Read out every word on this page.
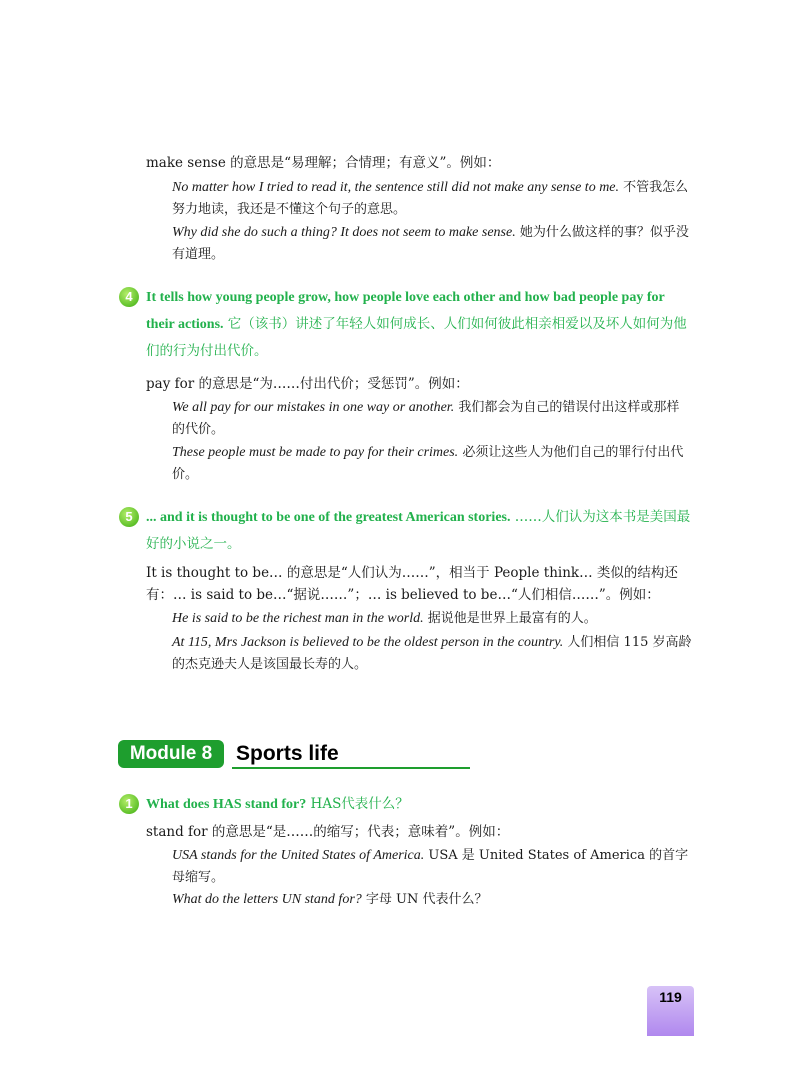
make sense 的意思是“易理解；合情理；有意义”。例如：
No matter how I tried to read it, the sentence still did not make any sense to me. 不管我怎么努力地读，我还是不懂这个句子的意思。
Why did she do such a thing? It does not seem to make sense. 她为什么做这样的事？似乎没有道理。
4 It tells how young people grow, how people love each other and how bad people pay for their actions. 它（该书）讲述了年轻人如何成长、人们如何彼此相亲相爱以及坏人如何为他们的行为付出代价。
pay for 的意思是“为……付出代价；受惩罚”。例如：
We all pay for our mistakes in one way or another. 我们都会为自己的错误付出这样或那样的代价。
These people must be made to pay for their crimes. 必须让这些人为他们自己的罪行付出代价。
5 ... and it is thought to be one of the greatest American stories. ……人们认为这本书是美国最好的小说之一。
It is thought to be… 的意思是“人们认为……”，相当于 People think… 类似的结构还有：… is said to be…“据说……”；… is believed to be…“人们相信……”。例如：
He is said to be the richest man in the world. 据说他是世界上最富有的人。
At 115, Mrs Jackson is believed to be the oldest person in the country. 人们相信 115 岁高龄的杰克逊夫人是该国最长寿的人。
Module 8	Sports life
1 What does HAS stand for? HAS代表什么？
stand for 的意思是“是……的缩写；代表；意味着”。例如：
USA stands for the United States of America. USA 是 United States of America 的首字母缩写。
What do the letters UN stand for? 字母 UN 代表什么？
119
